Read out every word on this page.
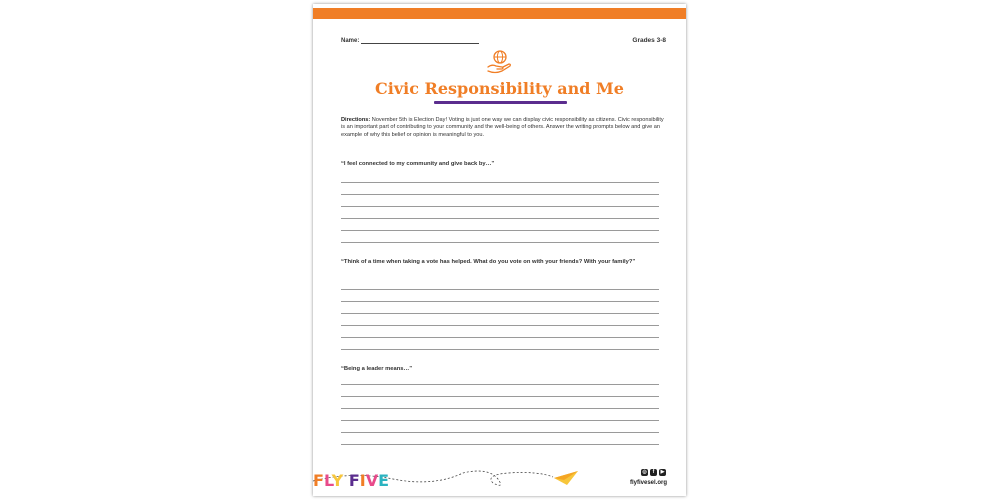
Name:	Grades 3-8
Civic Responsibility and Me
Directions: November 5th is Election Day! Voting is just one way we can display civic responsibility as citizens. Civic responsibility is an important part of contributing to your community and the well-being of others. Answer the writing prompts below and give an example of why this belief or opinion is meaningful to you.
“I feel connected to my community and give back by…”
“Think of a time when taking a vote has helped. What do you vote on with your friends? With your family?”
“Being a leader means…”
FLY FIVE	◎	f	▶
flyfivesel.org
